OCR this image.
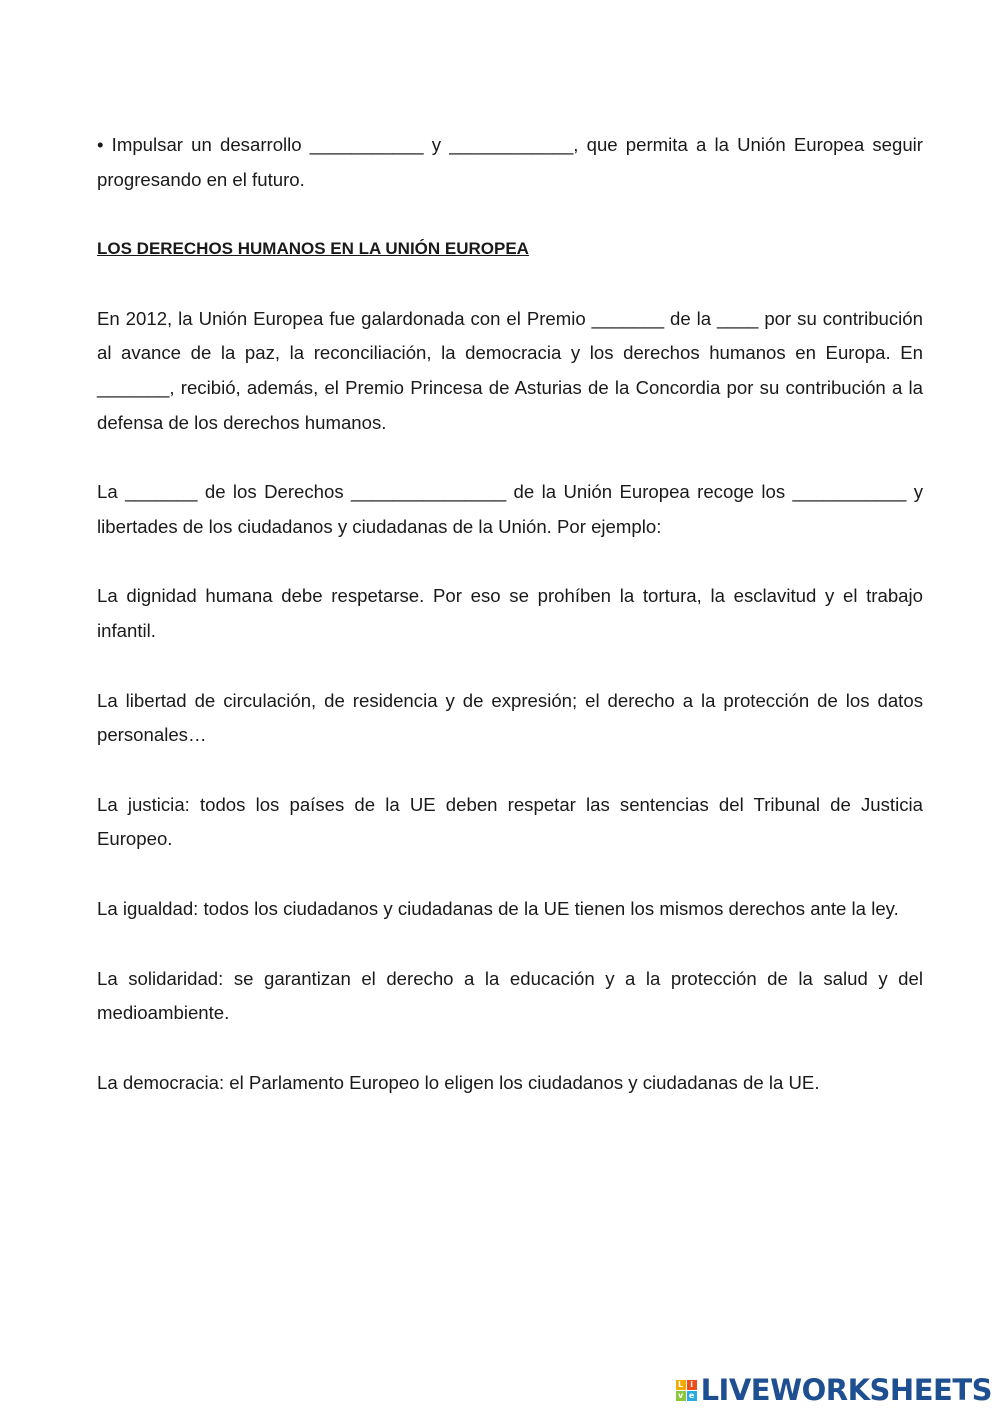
• Impulsar un desarrollo ___________ y ____________, que permita a la Unión Europea seguir progresando en el futuro.

LOS DERECHOS HUMANOS EN LA UNIÓN EUROPEA

En 2012, la Unión Europea fue galardonada con el Premio _______ de la ____ por su contribución al avance de la paz, la reconciliación, la democracia y los derechos humanos en Europa. En _______, recibió, además, el Premio Princesa de Asturias de la Concordia por su contribución a la defensa de los derechos humanos.

La _______ de los Derechos _______________ de la Unión Europea recoge los ___________ y libertades de los ciudadanos y ciudadanas de la Unión. Por ejemplo:

La dignidad humana debe respetarse. Por eso se prohíben la tortura, la esclavitud y el trabajo infantil.

La libertad de circulación, de residencia y de expresión; el derecho a la protección de los datos personales…

La justicia: todos los países de la UE deben respetar las sentencias del Tribunal de Justicia Europeo.

La igualdad: todos los ciudadanos y ciudadanas de la UE tienen los mismos derechos ante la ley.

La solidaridad: se garantizan el derecho a la educación y a la protección de la salud y del medioambiente.

La democracia: el Parlamento Europeo lo eligen los ciudadanos y ciudadanas de la UE.

L i
v e LIVEWORKSHEETS
